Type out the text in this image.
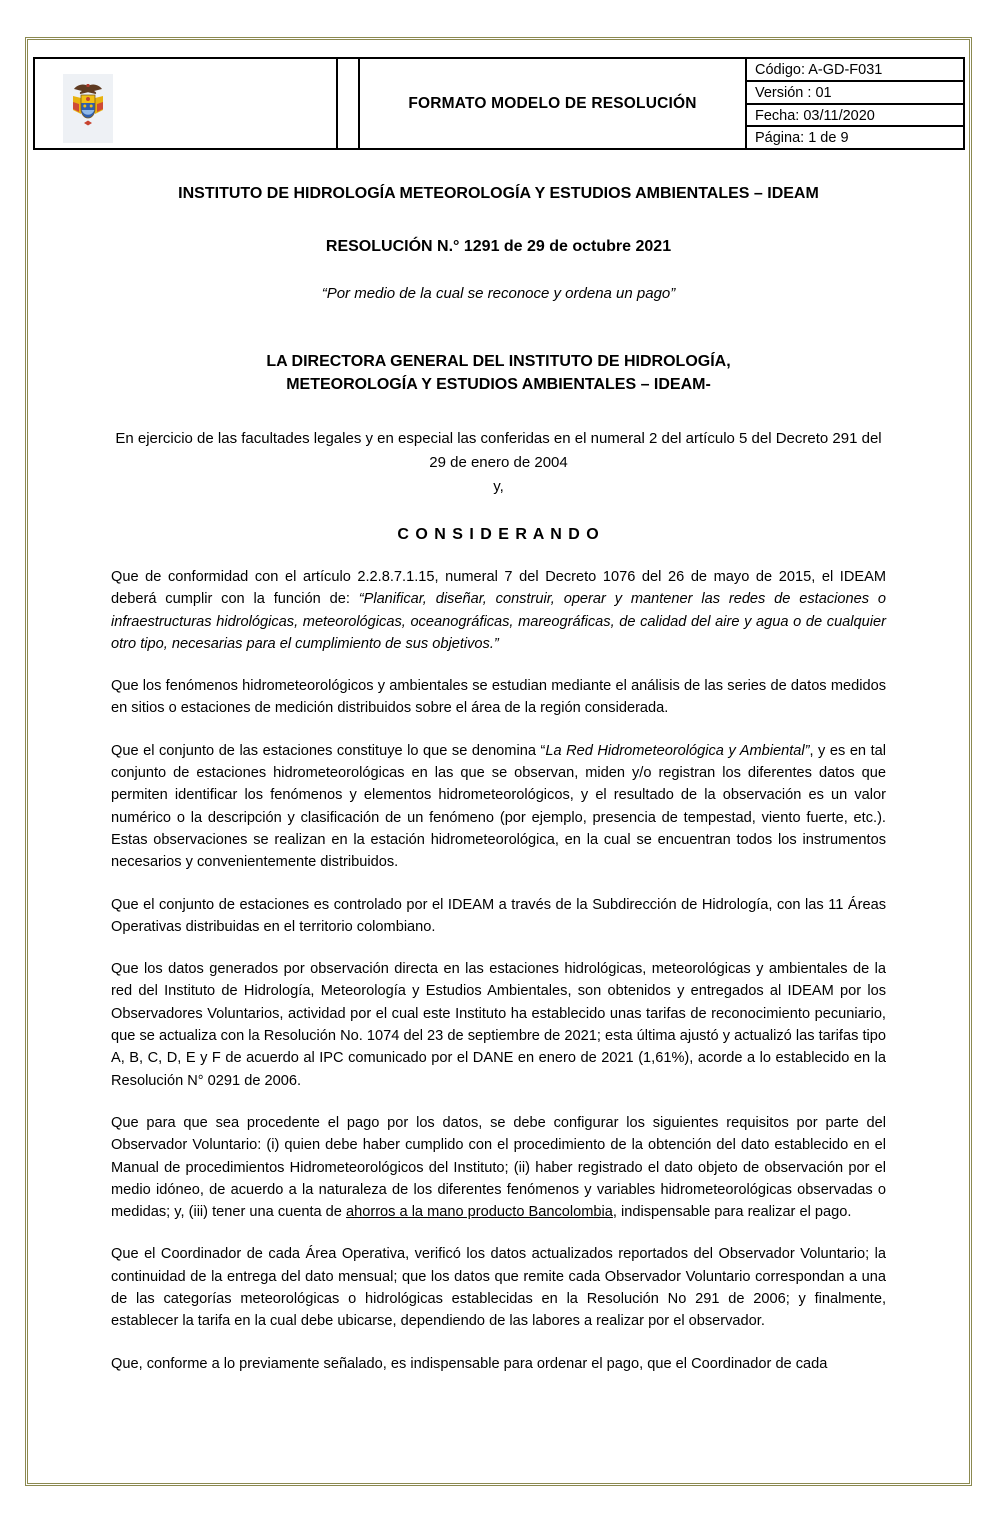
El ambiente
es de todos	Minambiente	FORMATO MODELO DE RESOLUCIÓN
Código: A-GD-F031
Versión : 01
Fecha: 03/11/2020
Página: 1 de 9
INSTITUTO DE HIDROLOGÍA METEOROLOGÍA Y ESTUDIOS AMBIENTALES – IDEAM
RESOLUCIÓN N.° 1291 de 29 de octubre 2021
“Por medio de la cual se reconoce y ordena un pago”
LA DIRECTORA GENERAL DEL INSTITUTO DE HIDROLOGÍA,
METEOROLOGÍA Y ESTUDIOS AMBIENTALES – IDEAM-
En ejercicio de las facultades legales y en especial las conferidas en el numeral 2 del artículo 5 del Decreto 291 del 29 de enero de 2004
y,
C O N S I D E R A N D O

Que de conformidad con el artículo 2.2.8.7.1.15, numeral 7 del Decreto 1076 del 26 de mayo de 2015, el IDEAM deberá cumplir con la función de: “Planificar, diseñar, construir, operar y mantener las redes de estaciones o infraestructuras hidrológicas, meteorológicas, oceanográficas, mareográficas, de calidad del aire y agua o de cualquier otro tipo, necesarias para el cumplimiento de sus objetivos.”

Que los fenómenos hidrometeorológicos y ambientales se estudian mediante el análisis de las series de datos medidos en sitios o estaciones de medición distribuidos sobre el área de la región considerada.

Que el conjunto de las estaciones constituye lo que se denomina “La Red Hidrometeorológica y Ambiental”, y es en tal conjunto de estaciones hidrometeorológicas en las que se observan, miden y/o registran los diferentes datos que permiten identificar los fenómenos y elementos hidrometeorológicos, y el resultado de la observación es un valor numérico o la descripción y clasificación de un fenómeno (por ejemplo, presencia de tempestad, viento fuerte, etc.). Estas observaciones se realizan en la estación hidrometeorológica, en la cual se encuentran todos los instrumentos necesarios y convenientemente distribuidos.

Que el conjunto de estaciones es controlado por el IDEAM a través de la Subdirección de Hidrología, con las 11 Áreas Operativas distribuidas en el territorio colombiano.

Que los datos generados por observación directa en las estaciones hidrológicas, meteorológicas y ambientales de la red del Instituto de Hidrología, Meteorología y Estudios Ambientales, son obtenidos y entregados al IDEAM por los Observadores Voluntarios, actividad por el cual este Instituto ha establecido unas tarifas de reconocimiento pecuniario, que se actualiza con la Resolución No. 1074 del 23 de septiembre de 2021; esta última ajustó y actualizó las tarifas tipo A, B, C, D, E y F de acuerdo al IPC comunicado por el DANE en enero de 2021 (1,61%), acorde a lo establecido en la Resolución N° 0291 de 2006.

Que para que sea procedente el pago por los datos, se debe configurar los siguientes requisitos por parte del Observador Voluntario: (i) quien debe haber cumplido con el procedimiento de la obtención del dato establecido en el Manual de procedimientos Hidrometeorológicos del Instituto; (ii) haber registrado el dato objeto de observación por el medio idóneo, de acuerdo a la naturaleza de los diferentes fenómenos y variables hidrometeorológicas observadas o medidas; y, (iii) tener una cuenta de ahorros a la mano producto Bancolombia, indispensable para realizar el pago.

Que el Coordinador de cada Área Operativa, verificó los datos actualizados reportados del Observador Voluntario; la continuidad de la entrega del dato mensual; que los datos que remite cada Observador Voluntario correspondan a una de las categorías meteorológicas o hidrológicas establecidas en la Resolución No 291 de 2006; y finalmente, establecer la tarifa en la cual debe ubicarse, dependiendo de las labores a realizar por el observador.

Que, conforme a lo previamente señalado, es indispensable para ordenar el pago, que el Coordinador de cada
